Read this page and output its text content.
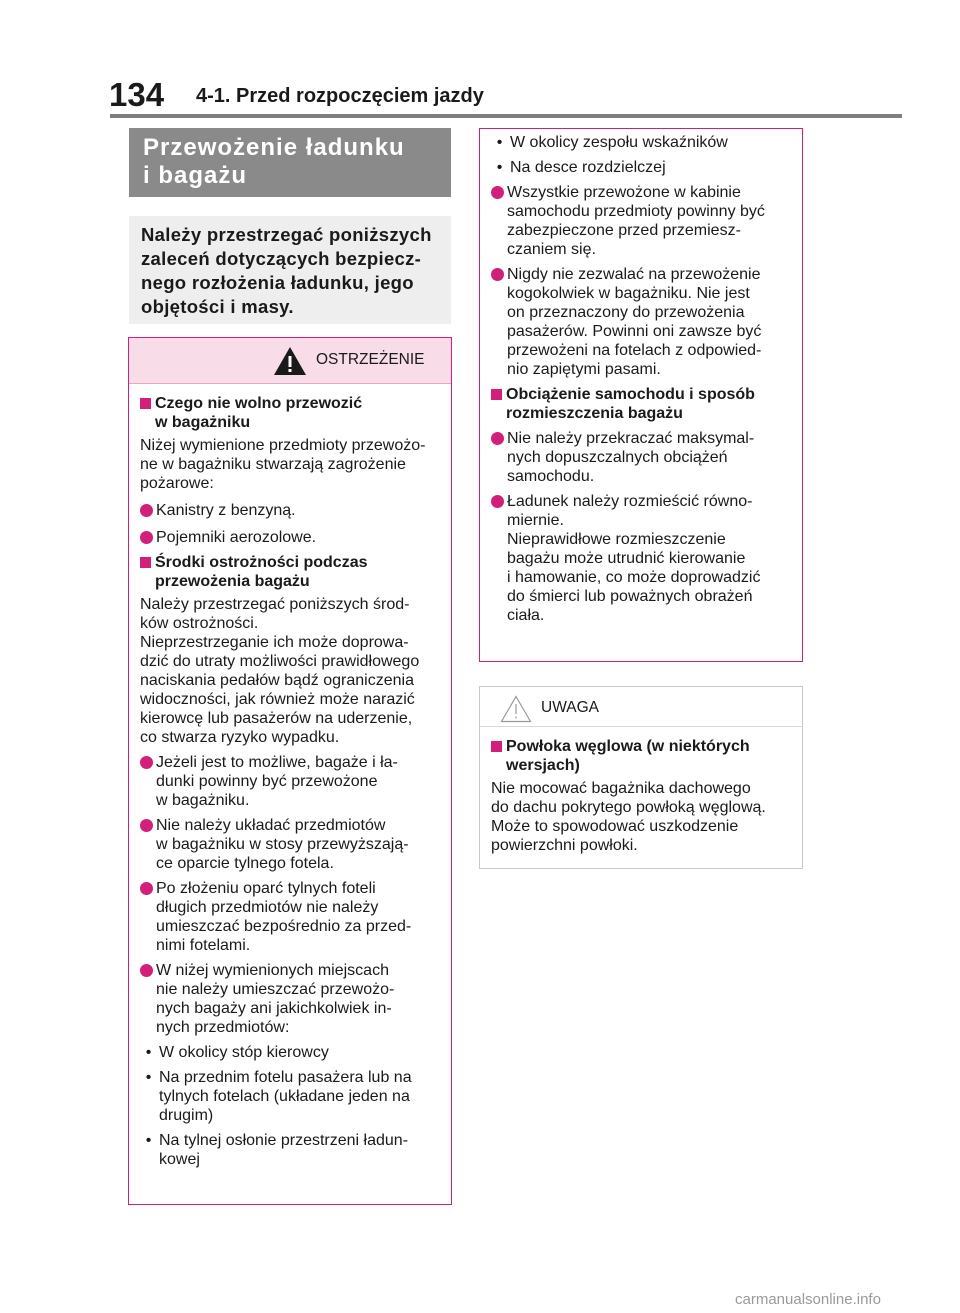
134 4-1. Przed rozpoczęciem jazdy
Przewożenie ładunku
i bagażu
Należy przestrzegać poniższych
zaleceń dotyczących bezpiecz-
nego rozłożenia ładunku, jego
objętości i masy.
OSTRZEŻENIE
Czego nie wolno przewozić
w bagażniku
Niżej wymienione przedmioty przewożo-
ne w bagażniku stwarzają zagrożenie
pożarowe:
Kanistry z benzyną.
Pojemniki aerozolowe.
Środki ostrożności podczas
przewożenia bagażu
Należy przestrzegać poniższych środ-
ków ostrożności.
Nieprzestrzeganie ich może doprowa-
dzić do utraty możliwości prawidłowego
naciskania pedałów bądź ograniczenia
widoczności, jak również może narazić
kierowcę lub pasażerów na uderzenie,
co stwarza ryzyko wypadku.
Jeżeli jest to możliwe, bagaże i ła-
dunki powinny być przewożone
w bagażniku.
Nie należy układać przedmiotów
w bagażniku w stosy przewyższają-
ce oparcie tylnego fotela.
Po złożeniu oparć tylnych foteli
długich przedmiotów nie należy
umieszczać bezpośrednio za przed-
nimi fotelami.
W niżej wymienionych miejscach
nie należy umieszczać przewożo-
nych bagaży ani jakichkolwiek in-
nych przedmiotów:
• W okolicy stóp kierowcy
• Na przednim fotelu pasażera lub na
tylnych fotelach (układane jeden na
drugim)
• Na tylnej osłonie przestrzeni ładun-
kowej
• W okolicy zespołu wskaźników
• Na desce rozdzielczej
Wszystkie przewożone w kabinie
samochodu przedmioty powinny być
zabezpieczone przed przemiesz-
czaniem się.
Nigdy nie zezwalać na przewożenie
kogokolwiek w bagażniku. Nie jest
on przeznaczony do przewożenia
pasażerów. Powinni oni zawsze być
przewożeni na fotelach z odpowied-
nio zapiętymi pasami.
Obciążenie samochodu i sposób
rozmieszczenia bagażu
Nie należy przekraczać maksymal-
nych dopuszczalnych obciążeń
samochodu.
Ładunek należy rozmieścić równo-
miernie.
Nieprawidłowe rozmieszczenie
bagażu może utrudnić kierowanie
i hamowanie, co może doprowadzić
do śmierci lub poważnych obrażeń
ciała.
UWAGA
Powłoka węglowa (w niektórych
wersjach)
Nie mocować bagażnika dachowego
do dachu pokrytego powłoką węglową.
Może to spowodować uszkodzenie
powierzchni powłoki.
carmanualsonline.info
